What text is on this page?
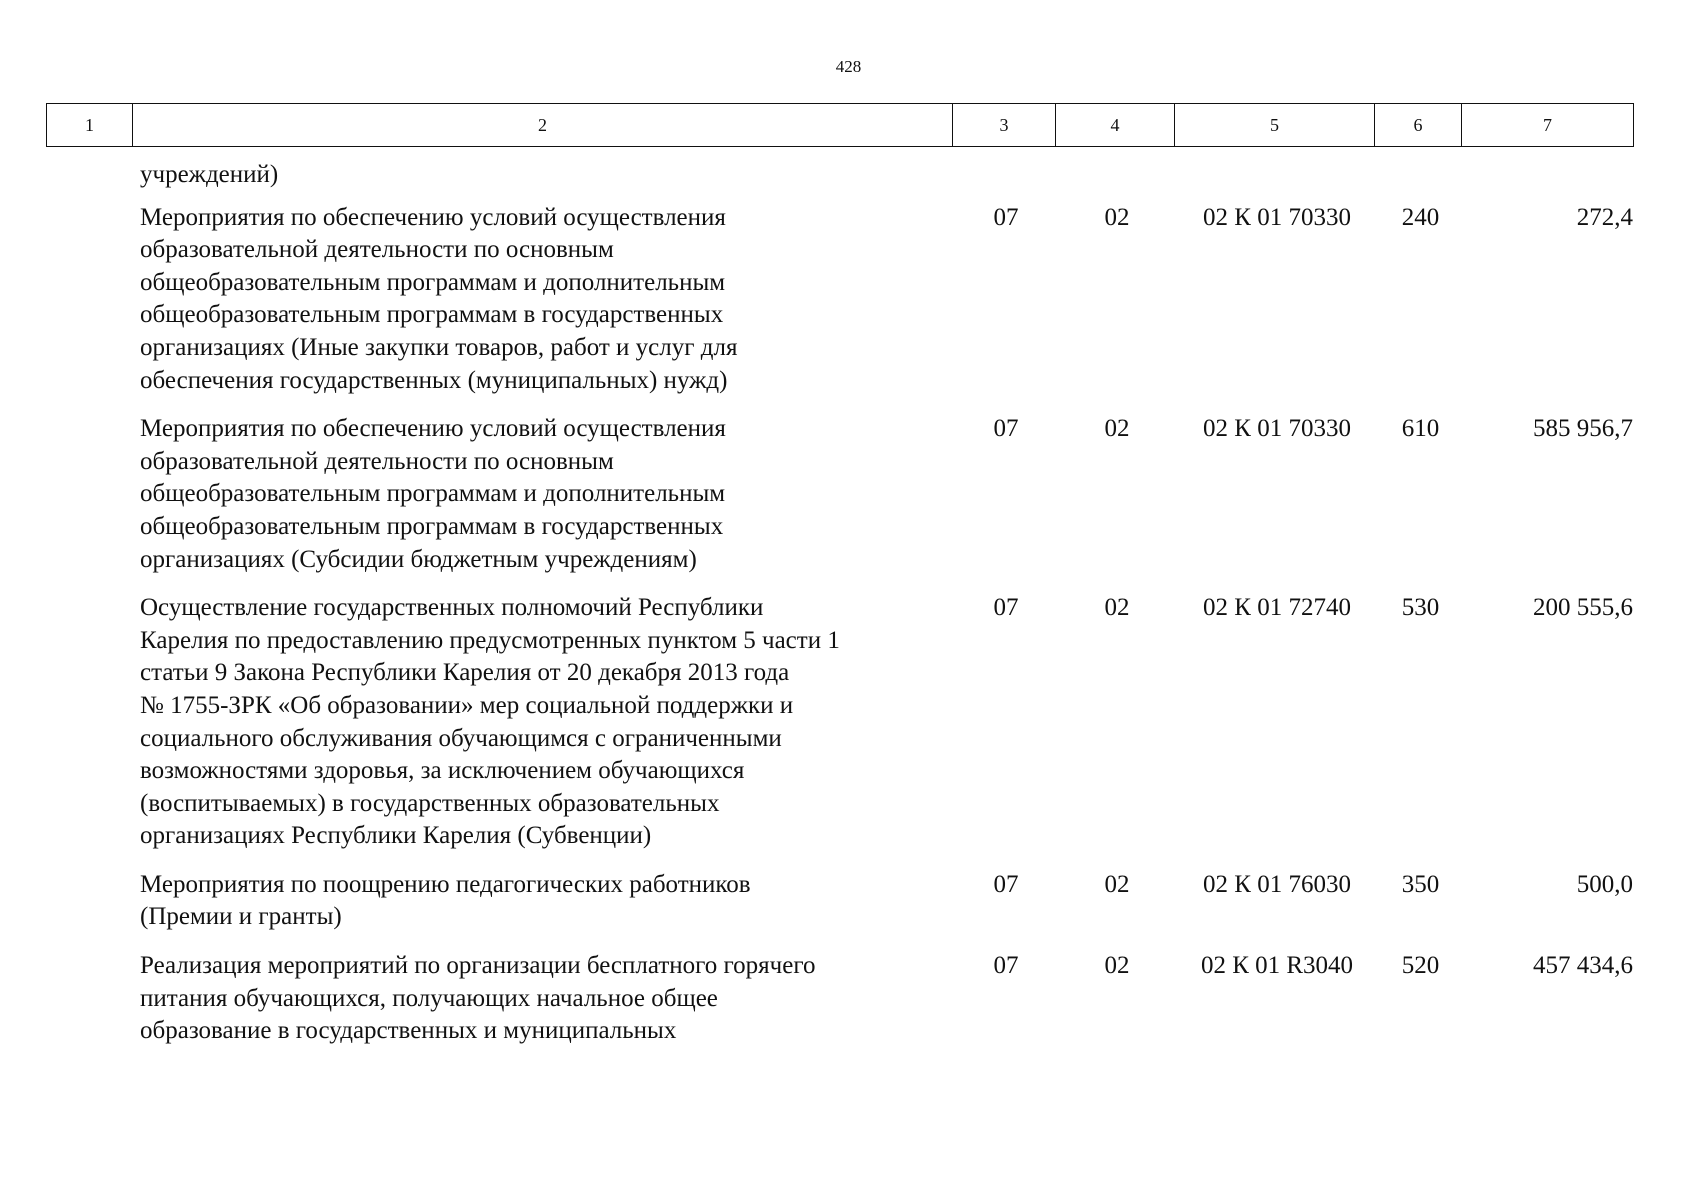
428
1	2	3	4	5	6	7
учреждений)
Мероприятия по обеспечению условий осуществления
образовательной деятельности по основным
общеобразовательным программам и дополнительным
общеобразовательным программам в государственных
организациях (Иные закупки товаров, работ и услуг для
обеспечения государственных (муниципальных) нужд)
07	02	02 К 01 70330	240	272,4
Мероприятия по обеспечению условий осуществления
образовательной деятельности по основным
общеобразовательным программам и дополнительным
общеобразовательным программам в государственных
организациях (Субсидии бюджетным учреждениям)
07	02	02 К 01 70330	610	585 956,7
Осуществление государственных полномочий Республики
Карелия по предоставлению предусмотренных пунктом 5 части 1
статьи 9 Закона Республики Карелия от 20 декабря 2013 года
№ 1755-ЗРК «Об образовании» мер социальной поддержки и
социального обслуживания обучающимся с ограниченными
возможностями здоровья, за исключением обучающихся
(воспитываемых) в государственных образовательных
организациях Республики Карелия (Субвенции)
07	02	02 К 01 72740	530	200 555,6
Мероприятия по поощрению педагогических работников
(Премии и гранты)
07	02	02 К 01 76030	350	500,0
Реализация мероприятий по организации бесплатного горячего
питания обучающихся, получающих начальное общее
образование в государственных и муниципальных
07	02	02 К 01 R3040	520	457 434,6
